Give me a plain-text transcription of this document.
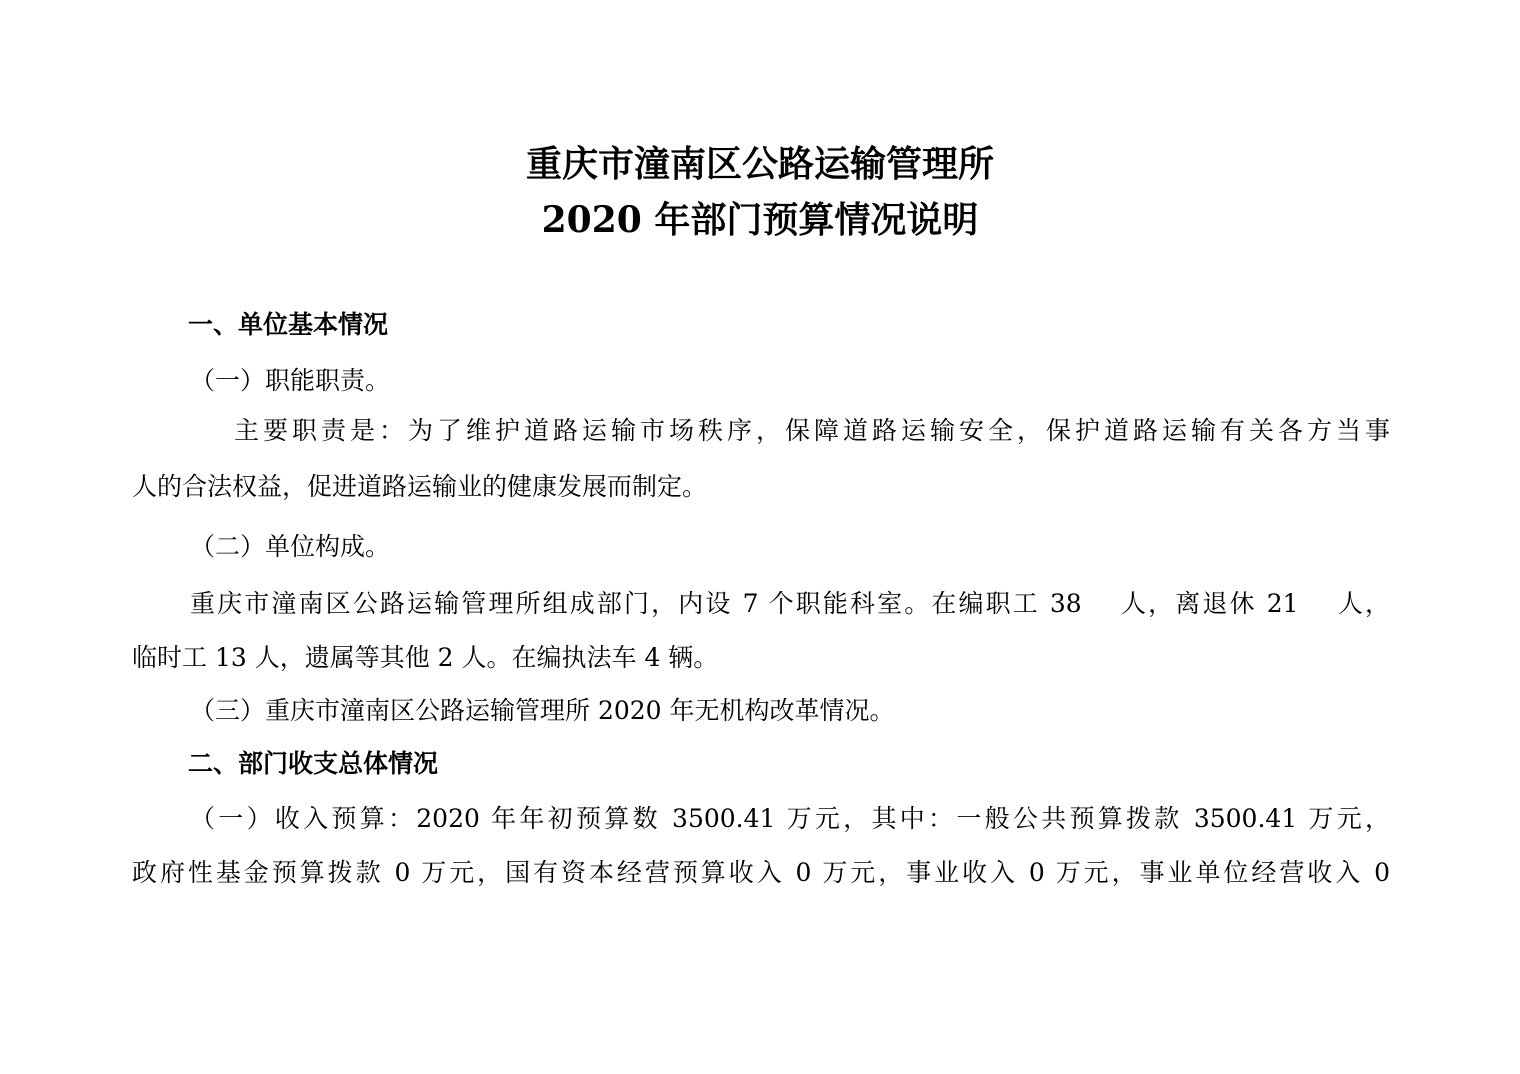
重庆市潼南区公路运输管理所
2020 年部门预算情况说明
一、单位基本情况
（一）职能职责。
主要职责是：为了维护道路运输市场秩序，保障道路运输安全，保护道路运输有关各方当事
人的合法权益，促进道路运输业的健康发展而制定。
（二）单位构成。
重庆市潼南区公路运输管理所组成部门，内设 7 个职能科室。在编职工 38　 人，离退休 21　 人，
临时工 13 人，遗属等其他 2 人。在编执法车 4 辆。
（三）重庆市潼南区公路运输管理所 2020 年无机构改革情况。
二、部门收支总体情况
（一）收入预算：2020 年年初预算数 3500.41 万元，其中：一般公共预算拨款 3500.41 万元，
政府性基金预算拨款 0 万元，国有资本经营预算收入 0 万元，事业收入 0 万元，事业单位经营收入 0
